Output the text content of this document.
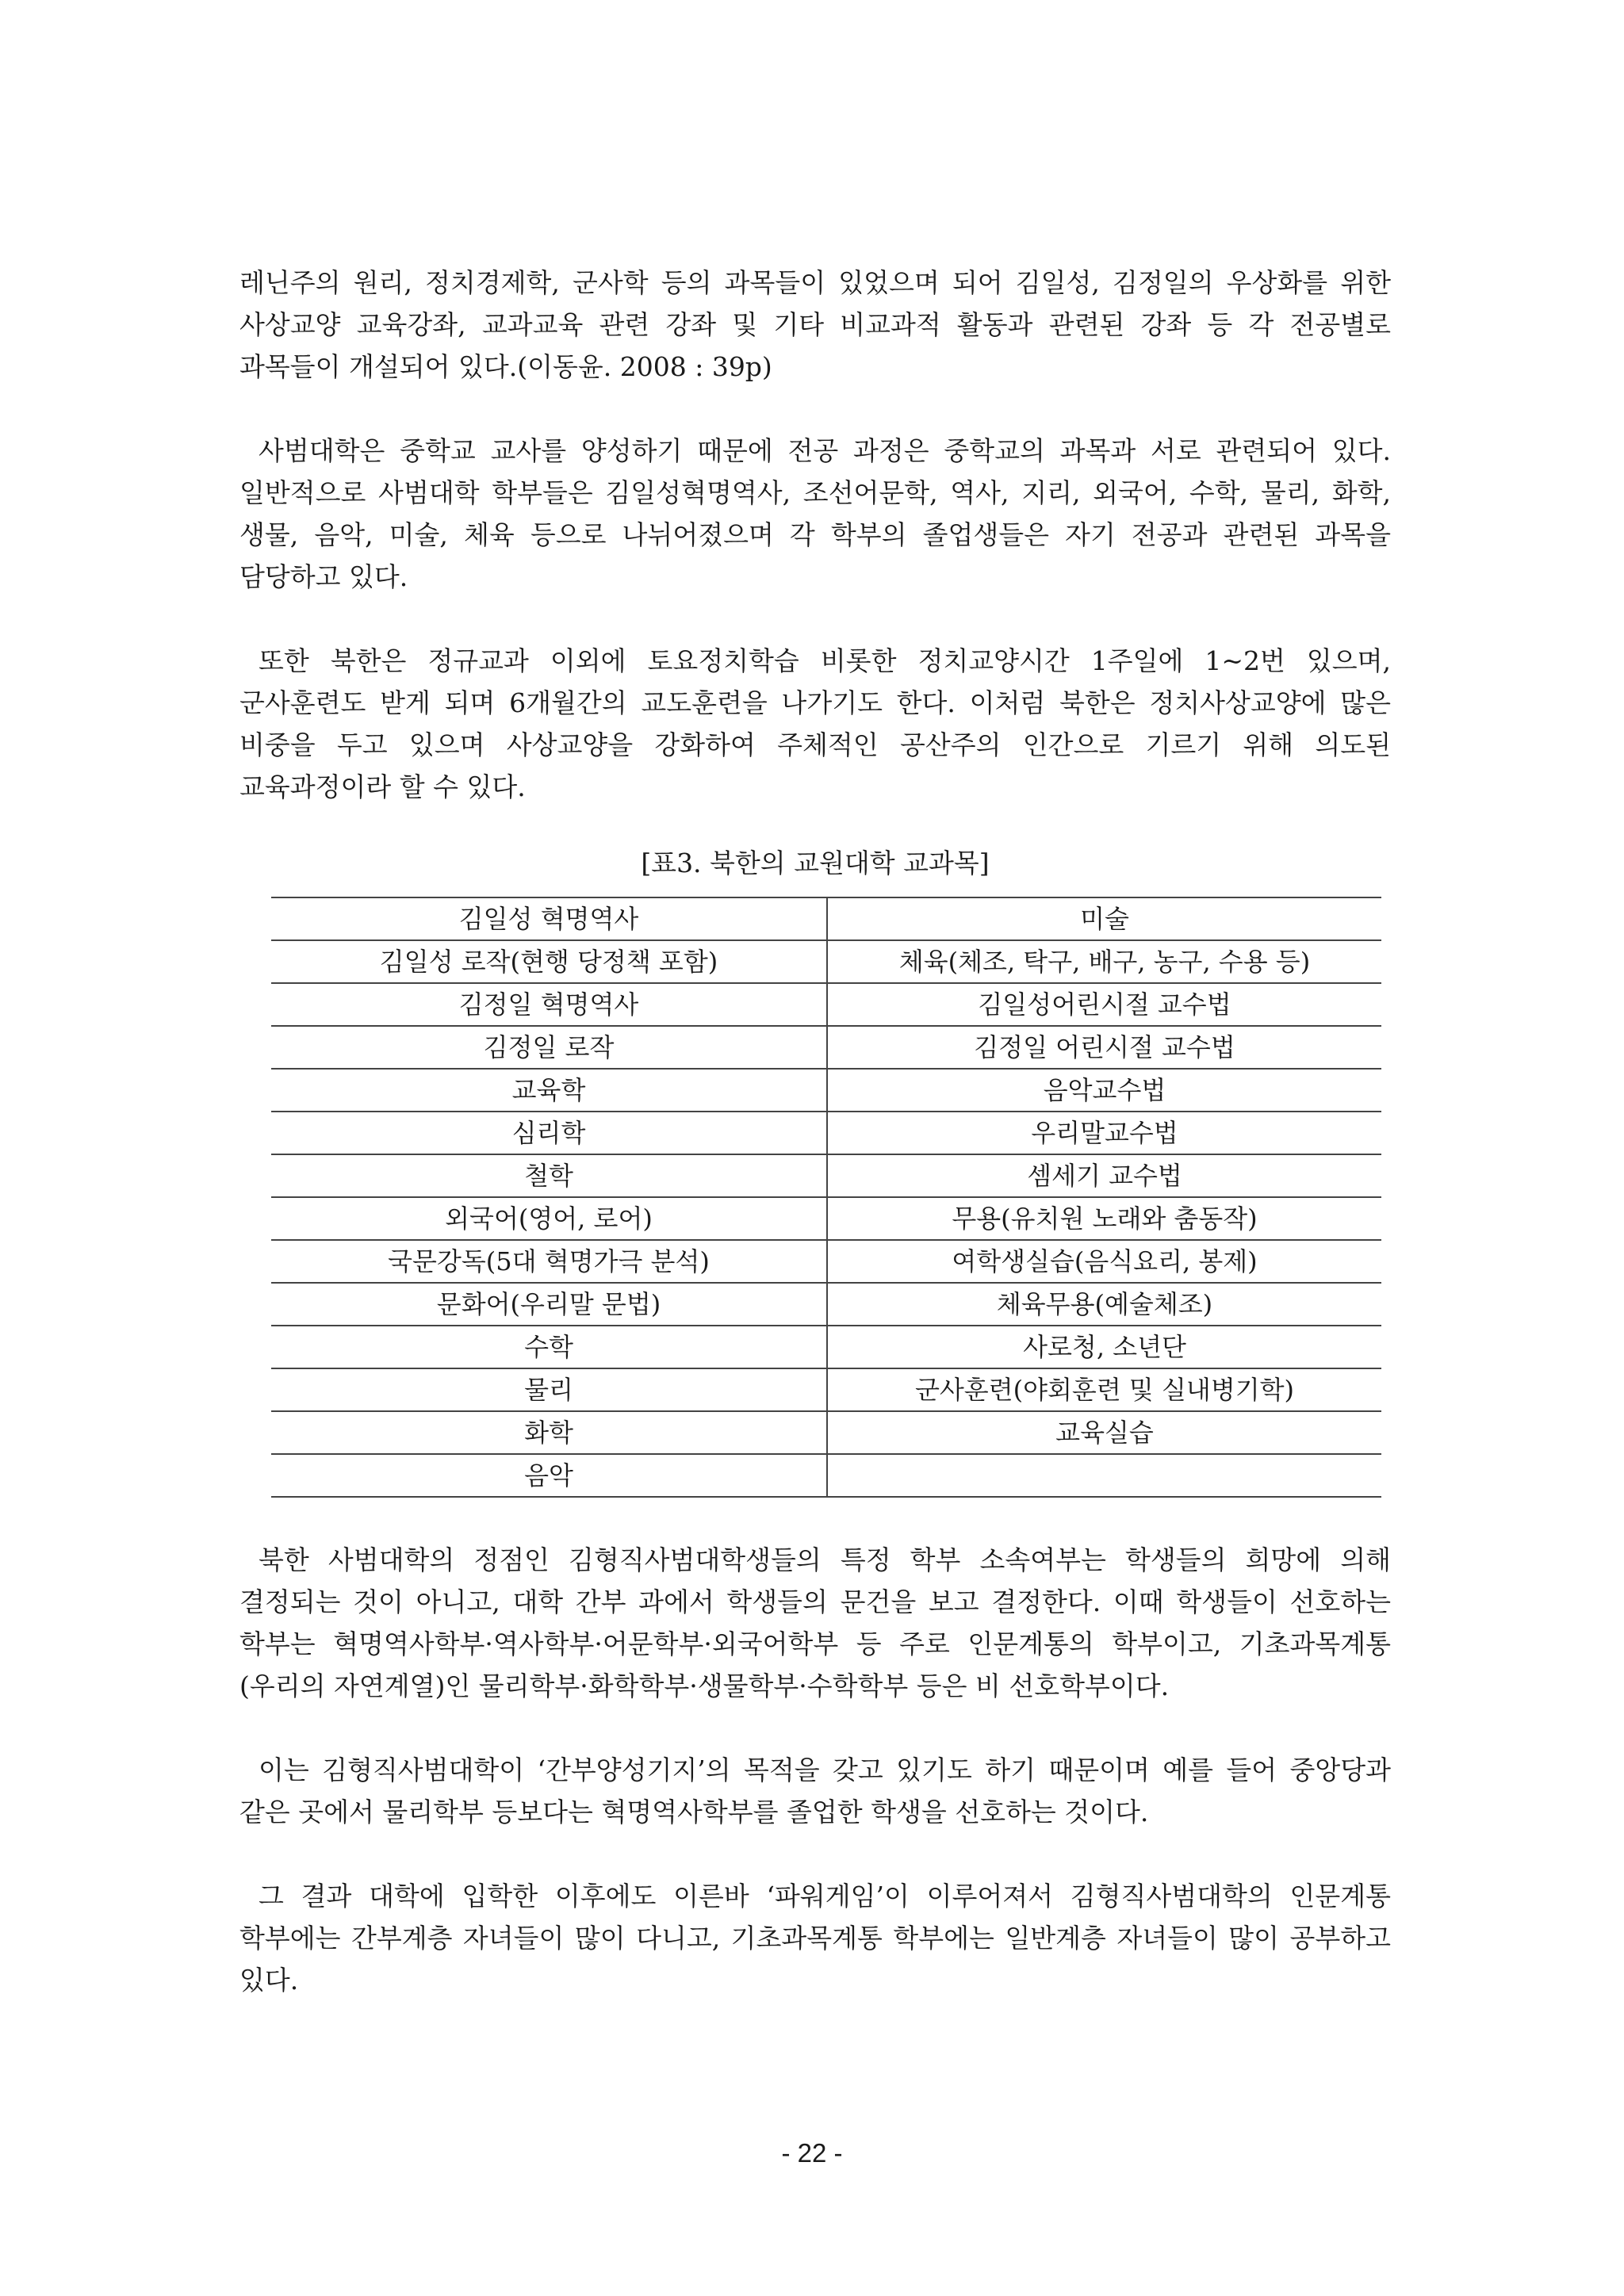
레닌주의 원리, 정치경제학, 군사학 등의 과목들이 있었으며 되어 김일성, 김정일의 우상화를 위한 사상교양 교육강좌, 교과교육 관련 강좌 및 기타 비교과적 활동과 관련된 강좌 등 각 전공별로 과목들이 개설되어 있다.(이동윤. 2008 : 39p)

사범대학은 중학교 교사를 양성하기 때문에 전공 과정은 중학교의 과목과 서로 관련되어 있다. 일반적으로 사범대학 학부들은 김일성혁명역사, 조선어문학, 역사, 지리, 외국어, 수학, 물리, 화학, 생물, 음악, 미술, 체육 등으로 나뉘어졌으며 각 학부의 졸업생들은 자기 전공과 관련된 과목을 담당하고 있다.

또한 북한은 정규교과 이외에 토요정치학습 비롯한 정치교양시간 1주일에 1~2번 있으며, 군사훈련도 받게 되며 6개월간의 교도훈련을 나가기도 한다. 이처럼 북한은 정치사상교양에 많은 비중을 두고 있으며 사상교양을 강화하여 주체적인 공산주의 인간으로 기르기 위해 의도된 교육과정이라 할 수 있다.

[표3. 북한의 교원대학 교과목]

김일성 혁명역사	미술
김일성 로작(현행 당정책 포함)	체육(체조, 탁구, 배구, 농구, 수용 등)
김정일 혁명역사	김일성어린시절 교수법
김정일 로작	김정일 어린시절 교수법
교육학	음악교수법
심리학	우리말교수법
철학	셈세기 교수법
외국어(영어, 로어)	무용(유치원 노래와 춤동작)
국문강독(5대 혁명가극 분석)	여학생실습(음식요리, 봉제)
문화어(우리말 문법)	체육무용(예술체조)
수학	사로청, 소년단
물리	군사훈련(야회훈련 및 실내병기학)
화학	교육실습
음악	

북한 사범대학의 정점인 김형직사범대학생들의 특정 학부 소속여부는 학생들의 희망에 의해 결정되는 것이 아니고, 대학 간부 과에서 학생들의 문건을 보고 결정한다. 이때 학생들이 선호하는 학부는 혁명역사학부·역사학부·어문학부·외국어학부 등 주로 인문계통의 학부이고, 기초과목계통(우리의 자연계열)인 물리학부·화학학부·생물학부·수학학부 등은 비 선호학부이다.

이는 김형직사범대학이 ‘간부양성기지’의 목적을 갖고 있기도 하기 때문이며 예를 들어 중앙당과 같은 곳에서 물리학부 등보다는 혁명역사학부를 졸업한 학생을 선호하는 것이다.

그 결과 대학에 입학한 이후에도 이른바 ‘파워게임’이 이루어져서 김형직사범대학의 인문계통 학부에는 간부계층 자녀들이 많이 다니고, 기초과목계통 학부에는 일반계층 자녀들이 많이 공부하고 있다.

- 22 -
